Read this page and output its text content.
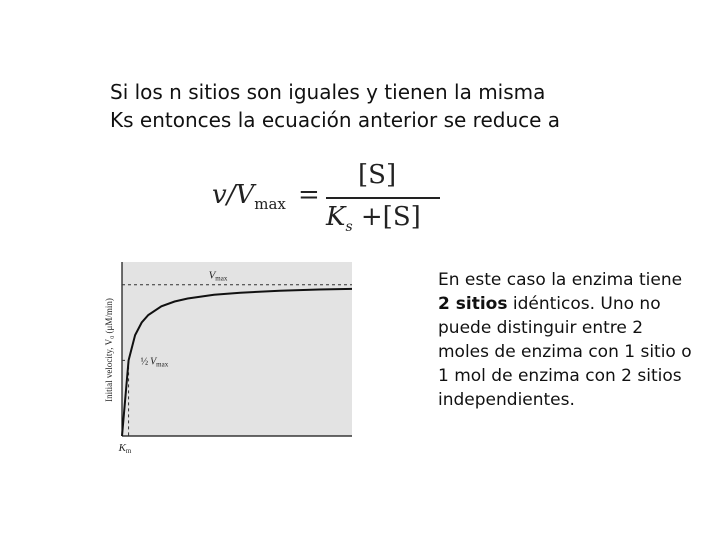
Si los n sitios son iguales y tienen la misma
Ks entonces la ecuación anterior se reduce a
$v/V_{max}$ =
[S]
$K_s +[S]$
Initial velocity, V₀ (μM/min)
Vmax
½ $V_{max}$
Km
En este caso la enzima tiene 2 sitios idénticos. Uno no puede distinguir entre 2 moles de enzima con 1 sitio o 1 mol de enzima con 2 sitios independientes.
